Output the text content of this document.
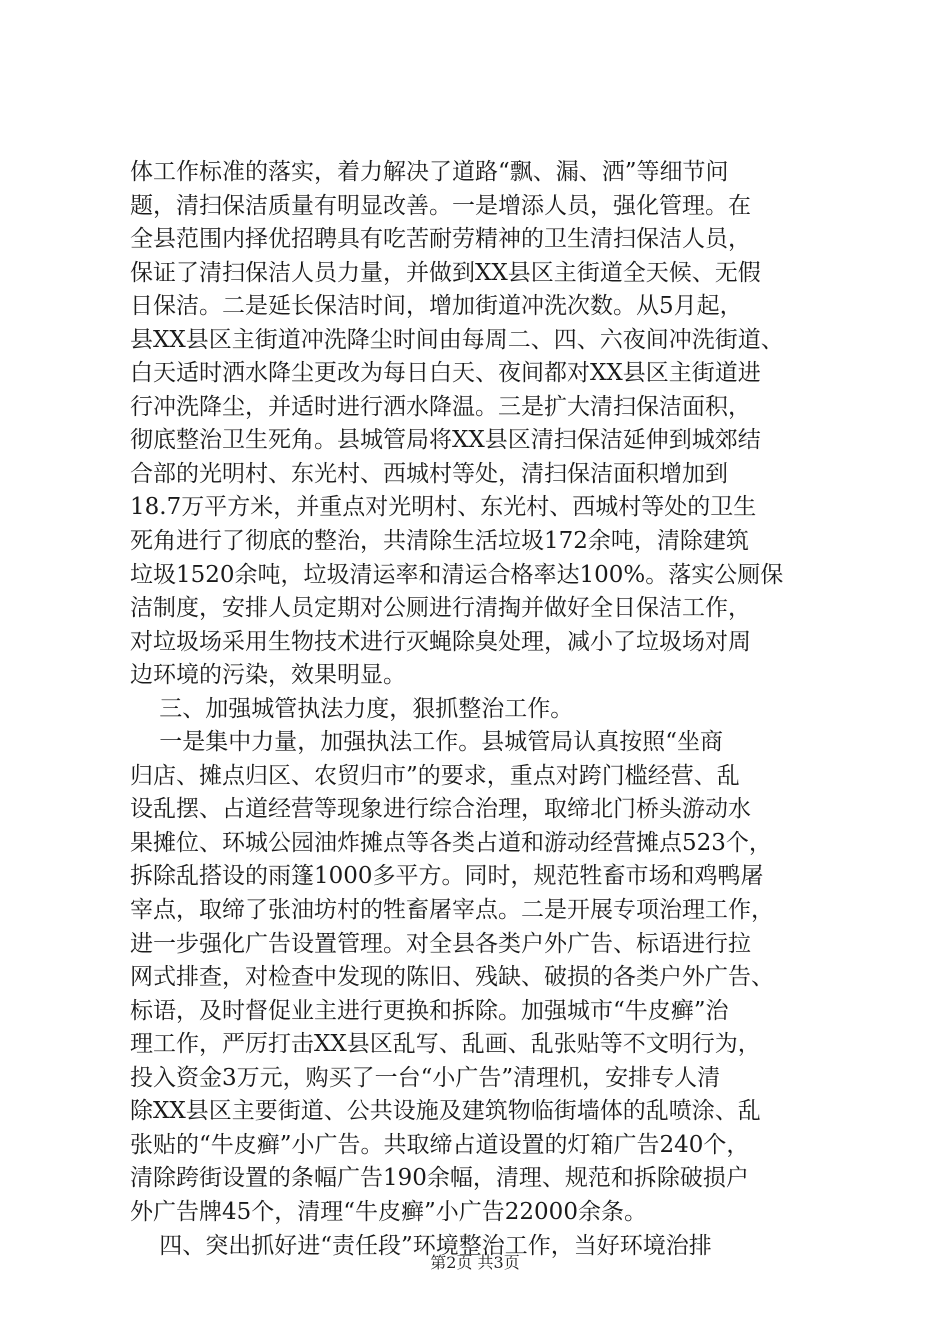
体工作标准的落实，着力解决了道路“飘、漏、洒”等细节问
题，清扫保洁质量有明显改善。一是增添人员，强化管理。在
全县范围内择优招聘具有吃苦耐劳精神的卫生清扫保洁人员，
保证了清扫保洁人员力量，并做到XX县区主街道全天候、无假
日保洁。二是延长保洁时间，增加街道冲洗次数。从5月起，
县XX县区主街道冲洗降尘时间由每周二、四、六夜间冲洗街道、
白天适时洒水降尘更改为每日白天、夜间都对XX县区主街道进
行冲洗降尘，并适时进行洒水降温。三是扩大清扫保洁面积，
彻底整治卫生死角。县城管局将XX县区清扫保洁延伸到城郊结
合部的光明村、东光村、西城村等处，清扫保洁面积增加到
18.7万平方米，并重点对光明村、东光村、西城村等处的卫生
死角进行了彻底的整治，共清除生活垃圾172余吨，清除建筑
垃圾1520余吨，垃圾清运率和清运合格率达100%。落实公厕保
洁制度，安排人员定期对公厕进行清掏并做好全日保洁工作，
对垃圾场采用生物技术进行灭蝇除臭处理，减小了垃圾场对周
边环境的污染，效果明显。
三、加强城管执法力度，狠抓整治工作。
一是集中力量，加强执法工作。县城管局认真按照“坐商
归店、摊点归区、农贸归市”的要求，重点对跨门槛经营、乱
设乱摆、占道经营等现象进行综合治理，取缔北门桥头游动水
果摊位、环城公园油炸摊点等各类占道和游动经营摊点523个，
拆除乱搭设的雨篷1000多平方。同时，规范牲畜市场和鸡鸭屠
宰点，取缔了张油坊村的牲畜屠宰点。二是开展专项治理工作，
进一步强化广告设置管理。对全县各类户外广告、标语进行拉
网式排查，对检查中发现的陈旧、残缺、破损的各类户外广告、
标语，及时督促业主进行更换和拆除。加强城市“牛皮癣”治
理工作，严厉打击XX县区乱写、乱画、乱张贴等不文明行为，
投入资金3万元，购买了一台“小广告”清理机，安排专人清
除XX县区主要街道、公共设施及建筑物临街墙体的乱喷涂、乱
张贴的“牛皮癣”小广告。共取缔占道设置的灯箱广告240个，
清除跨街设置的条幅广告190余幅，清理、规范和拆除破损户
外广告牌45个，清理“牛皮癣”小广告22000余条。
四、突出抓好进“责任段”环境整治工作，当好环境治排
第2页 共3页
